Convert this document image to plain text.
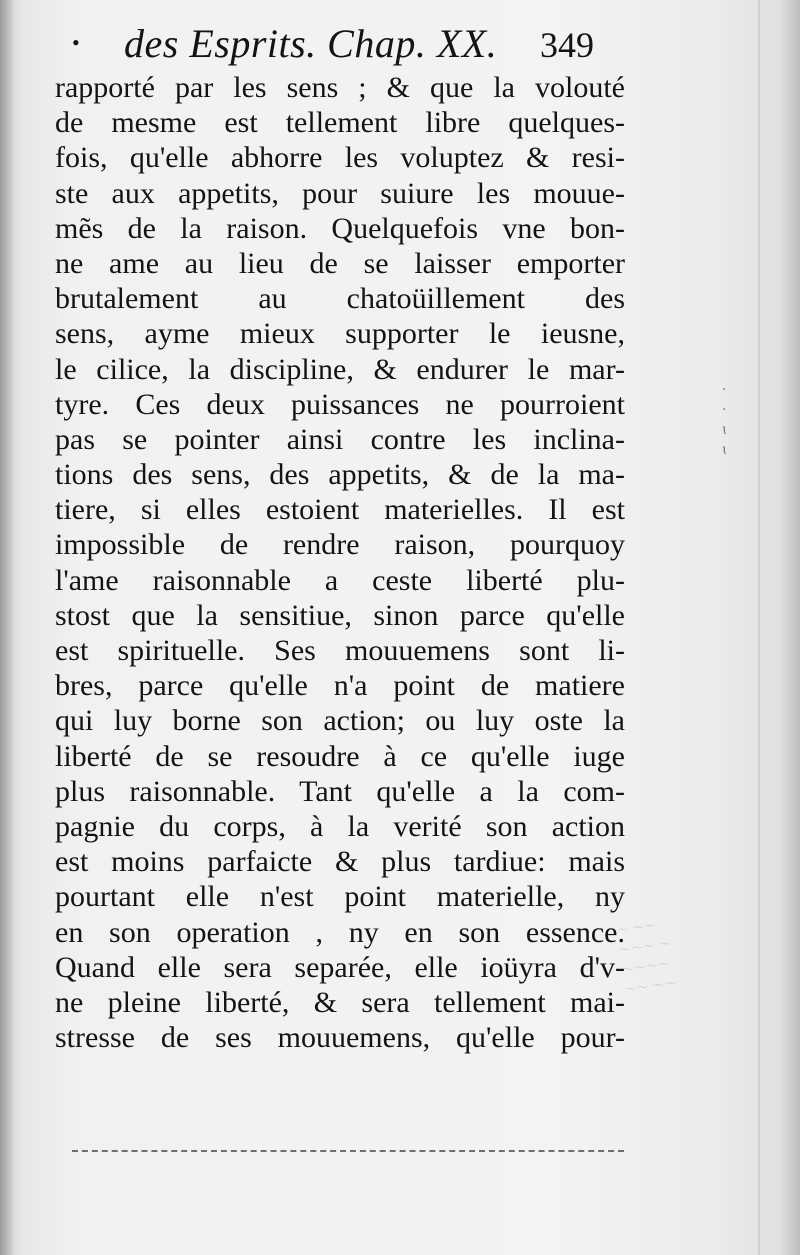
～ ～～
～～～ ～
～～～～
～～ ～～
·
·
ɩ
ɩ
• des Esprits. Chap. XX. 349
rapporté par les sens ; & que la volouté
de mesme est tellement libre quelques-
fois, qu'elle abhorre les voluptez & resi-
ste aux appetits, pour suiure les mouue-
mẽs de la raison. Quelquefois vne bon-
ne ame au lieu de se laisser emporter
brutalement au chatoüillement des
sens, ayme mieux supporter le ieusne,
le cilice, la discipline, & endurer le mar-
tyre. Ces deux puissances ne pourroient
pas se pointer ainsi contre les inclina-
tions des sens, des appetits, & de la ma-
tiere, si elles estoient materielles. Il est
impossible de rendre raison, pourquoy
l'ame raisonnable a ceste liberté plu-
stost que la sensitiue, sinon parce qu'elle
est spirituelle. Ses mouuemens sont li-
bres, parce qu'elle n'a point de matiere
qui luy borne son action; ou luy oste la
liberté de se resoudre à ce qu'elle iuge
plus raisonnable. Tant qu'elle a la com-
pagnie du corps, à la verité son action
est moins parfaicte & plus tardiue: mais
pourtant elle n'est point materielle, ny
en son operation , ny en son essence.
Quand elle sera separée, elle ioüyra d'v-
ne pleine liberté, & sera tellement mai-
stresse de ses mouuemens, qu'elle pour-
